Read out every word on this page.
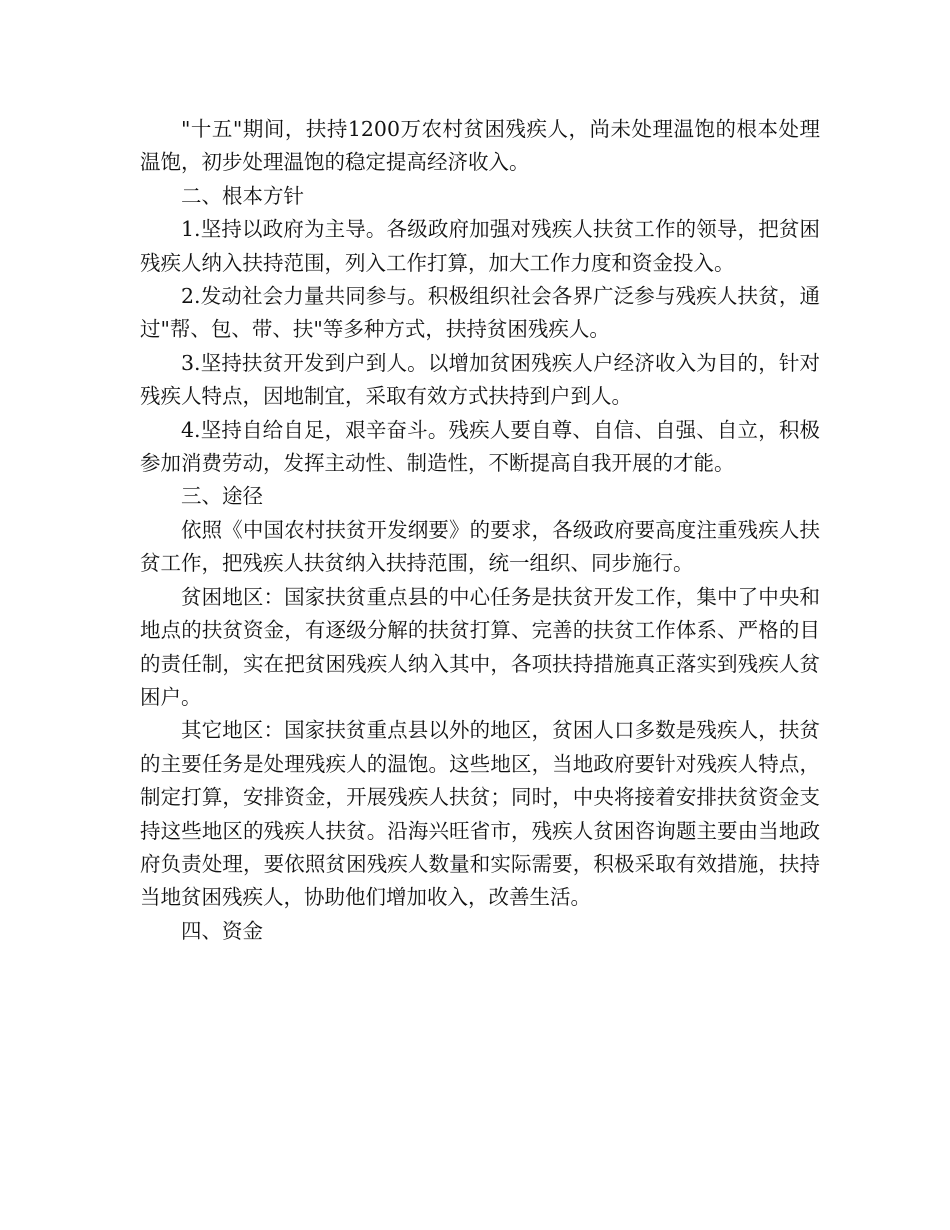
"十五"期间，扶持1200万农村贫困残疾人，尚未处理温饱的根本处理温饱，初步处理温饱的稳定提高经济收入。

二、根本方针

1.坚持以政府为主导。各级政府加强对残疾人扶贫工作的领导，把贫困残疾人纳入扶持范围，列入工作打算，加大工作力度和资金投入。

2.发动社会力量共同参与。积极组织社会各界广泛参与残疾人扶贫，通过"帮、包、带、扶"等多种方式，扶持贫困残疾人。

3.坚持扶贫开发到户到人。以增加贫困残疾人户经济收入为目的，针对残疾人特点，因地制宜，采取有效方式扶持到户到人。

4.坚持自给自足，艰辛奋斗。残疾人要自尊、自信、自强、自立，积极参加消费劳动，发挥主动性、制造性，不断提高自我开展的才能。

三、途径

依照《中国农村扶贫开发纲要》的要求，各级政府要高度注重残疾人扶贫工作，把残疾人扶贫纳入扶持范围，统一组织、同步施行。

贫困地区：国家扶贫重点县的中心任务是扶贫开发工作，集中了中央和地点的扶贫资金，有逐级分解的扶贫打算、完善的扶贫工作体系、严格的目的责任制，实在把贫困残疾人纳入其中，各项扶持措施真正落实到残疾人贫困户。

其它地区：国家扶贫重点县以外的地区，贫困人口多数是残疾人，扶贫的主要任务是处理残疾人的温饱。这些地区，当地政府要针对残疾人特点，制定打算，安排资金，开展残疾人扶贫；同时，中央将接着安排扶贫资金支持这些地区的残疾人扶贫。沿海兴旺省市，残疾人贫困咨询题主要由当地政府负责处理，要依照贫困残疾人数量和实际需要，积极采取有效措施，扶持当地贫困残疾人，协助他们增加收入，改善生活。

四、资金
